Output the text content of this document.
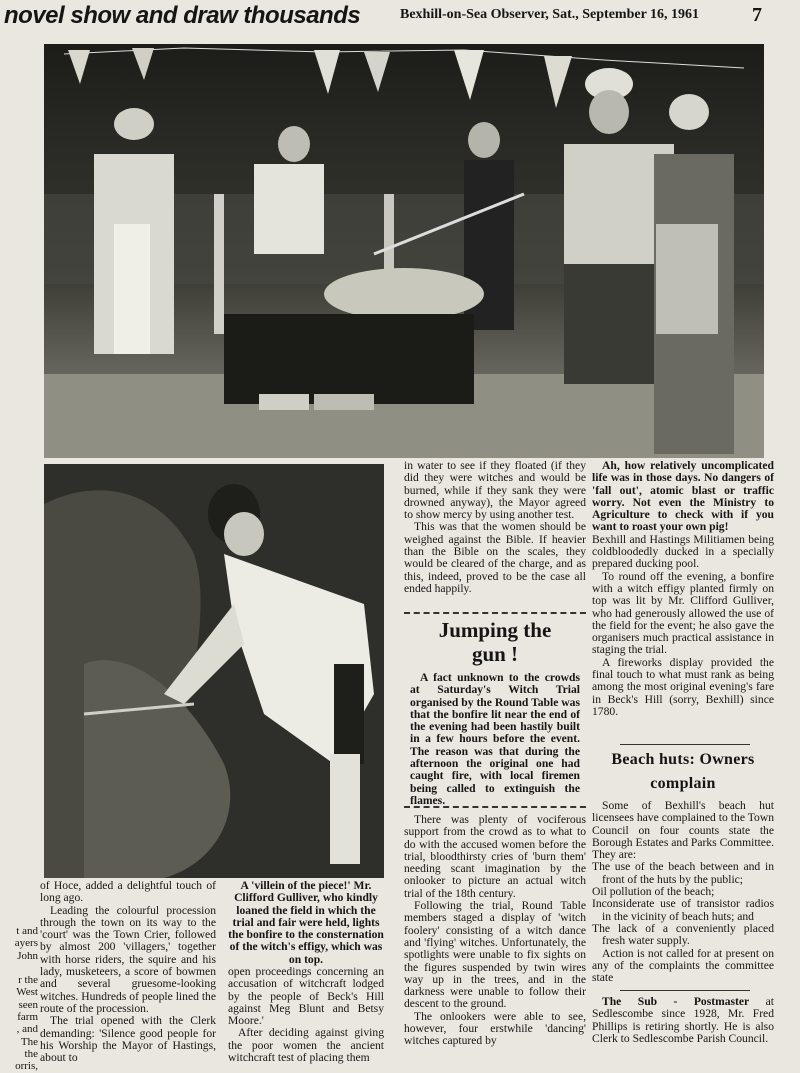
novel show and draw thousands	Bexhill-on-Sea Observer, Sat., September 16, 1961	7
t and
ayers
John
r the
West
seen
farm
, and
The
the
orris,
A 'villein of the piece!' Mr. Clifford Gulliver, who kindly loaned the field in which the trial and fair were held, lights the bonfire to the consternation of the witch's effigy, which was on top.

of Hoce, added a delightful touch of long ago.

Leading the colourful procession through the town on its way to the 'court' was the Town Crier, followed by almost 200 'villagers,' together with horse riders, the squire and his lady, musketeers, a score of bowmen and several gruesome-looking witches. Hundreds of people lined the route of the procession.

The trial opened with the Clerk demanding: 'Silence good people for his Worship the Mayor of Hastings, about to

open proceedings concerning an accusation of witchcraft lodged by the people of Beck's Hill against Meg Blunt and Betsy Moore.'

After deciding against giving the poor women the ancient witchcraft test of placing them

in water to see if they floated (if they did they were witches and would be burned, while if they sank they were drowned anyway), the Mayor agreed to show mercy by using another test.

This was that the women should be weighed against the Bible. If heavier than the Bible on the scales, they would be cleared of the charge, and as this, indeed, proved to be the case all ended happily.

Jumping the
gun !

A fact unknown to the crowds at Saturday's Witch Trial organised by the Round Table was that the bonfire lit near the end of the evening had been hastily built in a few hours before the event. The reason was that during the afternoon the original one had caught fire, with local firemen being called to extinguish the flames.

There was plenty of vociferous support from the crowd as to what to do with the accused women before the trial, bloodthirsty cries of 'burn them' needing scant imagination by the onlooker to picture an actual witch trial of the 18th century.

Following the trial, Round Table members staged a display of 'witch foolery' consisting of a witch dance and 'flying' witches. Unfortunately, the spotlights were unable to fix sights on the figures suspended by twin wires way up in the trees, and in the darkness were unable to follow their descent to the ground.

The onlookers were able to see, however, four erstwhile 'dancing' witches captured by

Ah, how relatively uncomplicated life was in those days. No dangers of 'fall out', atomic blast or traffic worry. Not even the Ministry to Agriculture to check with if you want to roast your own pig!

Bexhill and Hastings Militiamen being coldbloodedly ducked in a specially prepared ducking pool.

To round off the evening, a bonfire with a witch effigy planted firmly on top was lit by Mr. Clifford Gulliver, who had generously allowed the use of the field for the event; he also gave the organisers much practical assistance in staging the trial.

A fireworks display provided the final touch to what must rank as being among the most original evening's fare in Beck's Hill (sorry, Bexhill) since 1780.

Beach huts: Owners
complain

Some of Bexhill's beach hut licensees have complained to the Town Council on four counts state the Borough Estates and Parks Committee. They are:

The use of the beach between and in front of the huts by the public;

Oil pollution of the beach;

Inconsiderate use of transistor radios in the vicinity of beach huts; and

The lack of a conveniently placed fresh water supply.

Action is not called for at present on any of the complaints the committee state

The Sub - Postmaster at Sedlescombe since 1928, Mr. Fred Phillips is retiring shortly. He is also Clerk to Sedlescombe Parish Council.
